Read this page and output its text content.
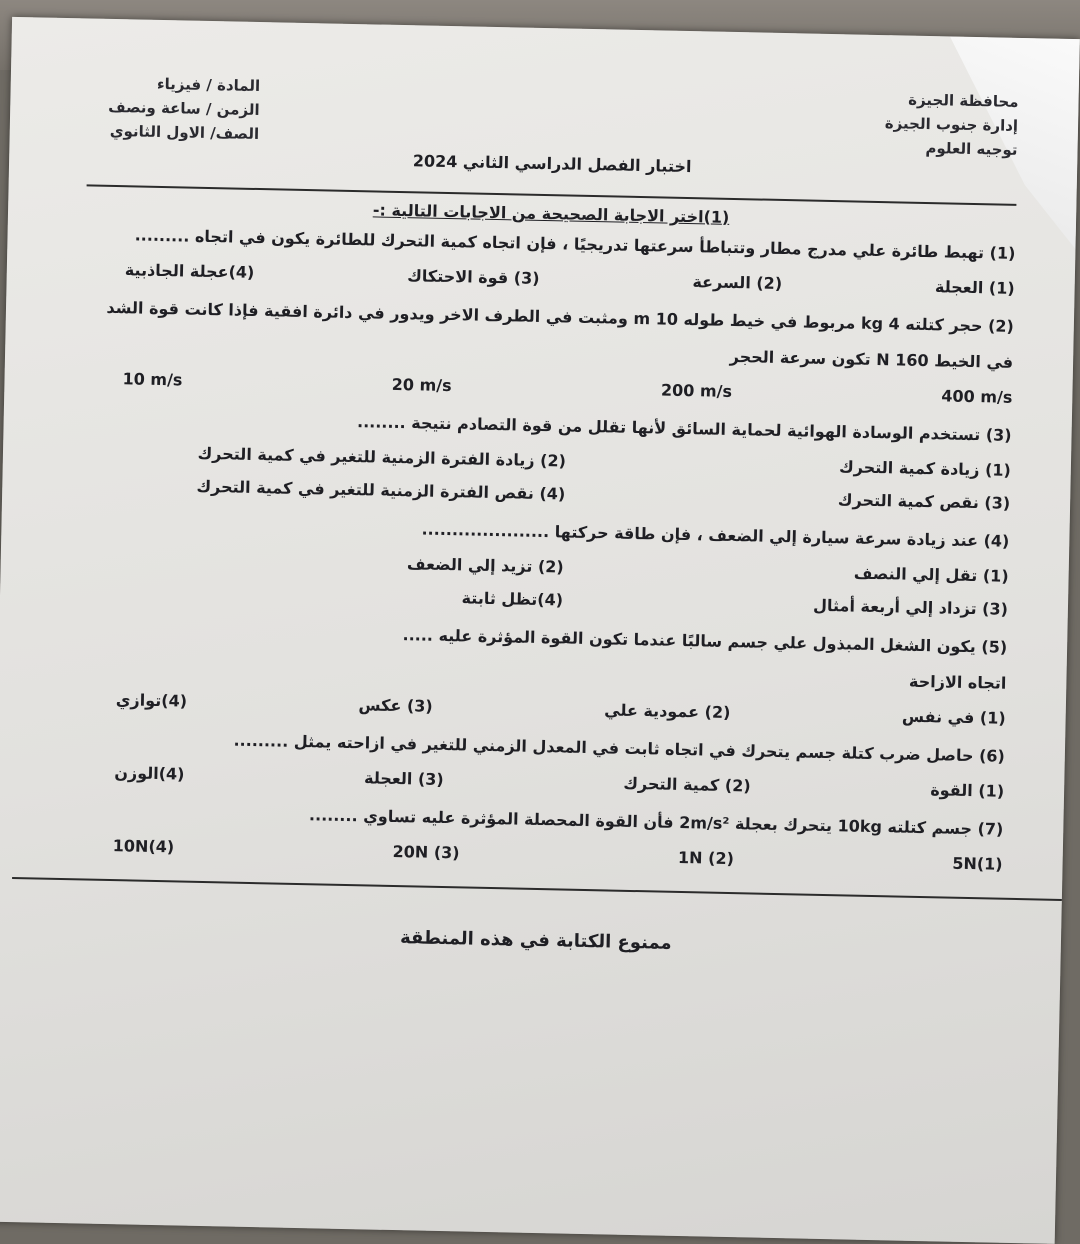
محافظة الجيزة
إدارة جنوب الجيزة
توجيه العلوم
المادة / فيزياء
الزمن / ساعة ونصف
الصف/ الاول الثانوي
اختبار الفصل الدراسي الثاني 2024
(1)اختر الاجابة الصحيحة من الاجابات التالية :-
(1) تهبط طائرة علي مدرج مطار وتتباطأ سرعتها تدريجيًا ، فإن اتجاه كمية التحرك للطائرة يكون في اتجاه .........
(1) العجلة
(2) السرعة
(3) قوة الاحتكاك
(4)عجلة الجاذبية
(2) حجر كتلته 4 kg مربوط في خيط طوله 10 m ومثبت في الطرف الاخر ويدور في دائرة افقية فإذا كانت قوة الشد
في الخيط 160 N تكون سرعة الحجر
400 m/s
200 m/s
20 m/s
10 m/s
(3) تستخدم الوسادة الهوائية لحماية السائق لأنها تقلل من قوة التصادم نتيجة ........
(1) زيادة كمية التحرك
(2) زيادة الفترة الزمنية للتغير في كمية التحرك
(3) نقص كمية التحرك
(4) نقص الفترة الزمنية للتغير في كمية التحرك
(4) عند زيادة سرعة سيارة إلي الضعف ، فإن طاقة حركتها .....................
(1) تقل إلي النصف
(2) تزيد إلي الضعف
(3) تزداد إلي أربعة أمثال
(4)تظل ثابتة
(5) يكون الشغل المبذول علي جسم سالبًا عندما تكون القوة المؤثرة عليه .....
اتجاه الازاحة
(1) في نفس
(2) عمودية علي
(3) عكس
(4)توازي
(6) حاصل ضرب كتلة جسم يتحرك في اتجاه ثابت في المعدل الزمني للتغير في ازاحته يمثل .........
(1) القوة
(2) كمية التحرك
(3) العجلة
(4)الوزن
(7) جسم كتلته 10kg يتحرك بعجلة 2m/s² فأن القوة المحصلة المؤثرة عليه تساوي ........
5N(1)
1N (2)
20N (3)
10N(4)
ممنوع الكتابة في هذه المنطقة
